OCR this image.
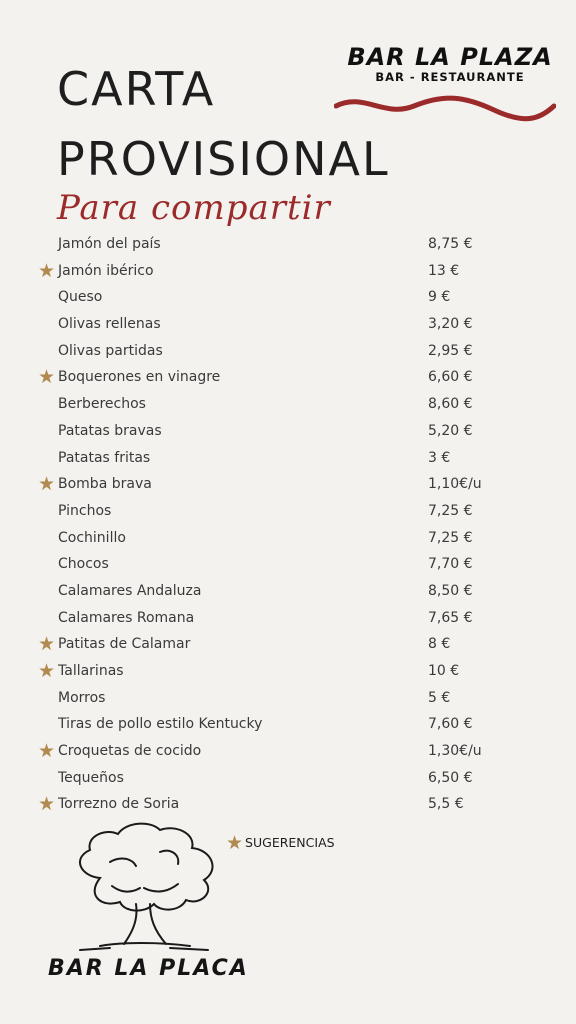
BAR LA PLAZA
BAR - RESTAURANTE
CARTA
PROVISIONAL
Para compartir
Jamón del país	8,75 €
★ Jamón ibérico	13 €
Queso	9 €
Olivas rellenas	3,20 €
Olivas partidas	2,95 €
★ Boquerones en vinagre	6,60 €
Berberechos	8,60 €
Patatas bravas	5,20 €
Patatas fritas	3 €
★ Bomba brava	1,10€/u
Pinchos	7,25 €
Cochinillo	7,25 €
Chocos	7,70 €
Calamares Andaluza	8,50 €
Calamares Romana	7,65 €
★ Patitas de Calamar	8 €
★ Tallarinas	10 €
Morros	5 €
Tiras de pollo estilo Kentucky	7,60 €
★ Croquetas de cocido	1,30€/u
Tequeños	6,50 €
★ Torrezno de Soria	5,5 €
★ SUGERENCIAS
BAR LA PLACA
